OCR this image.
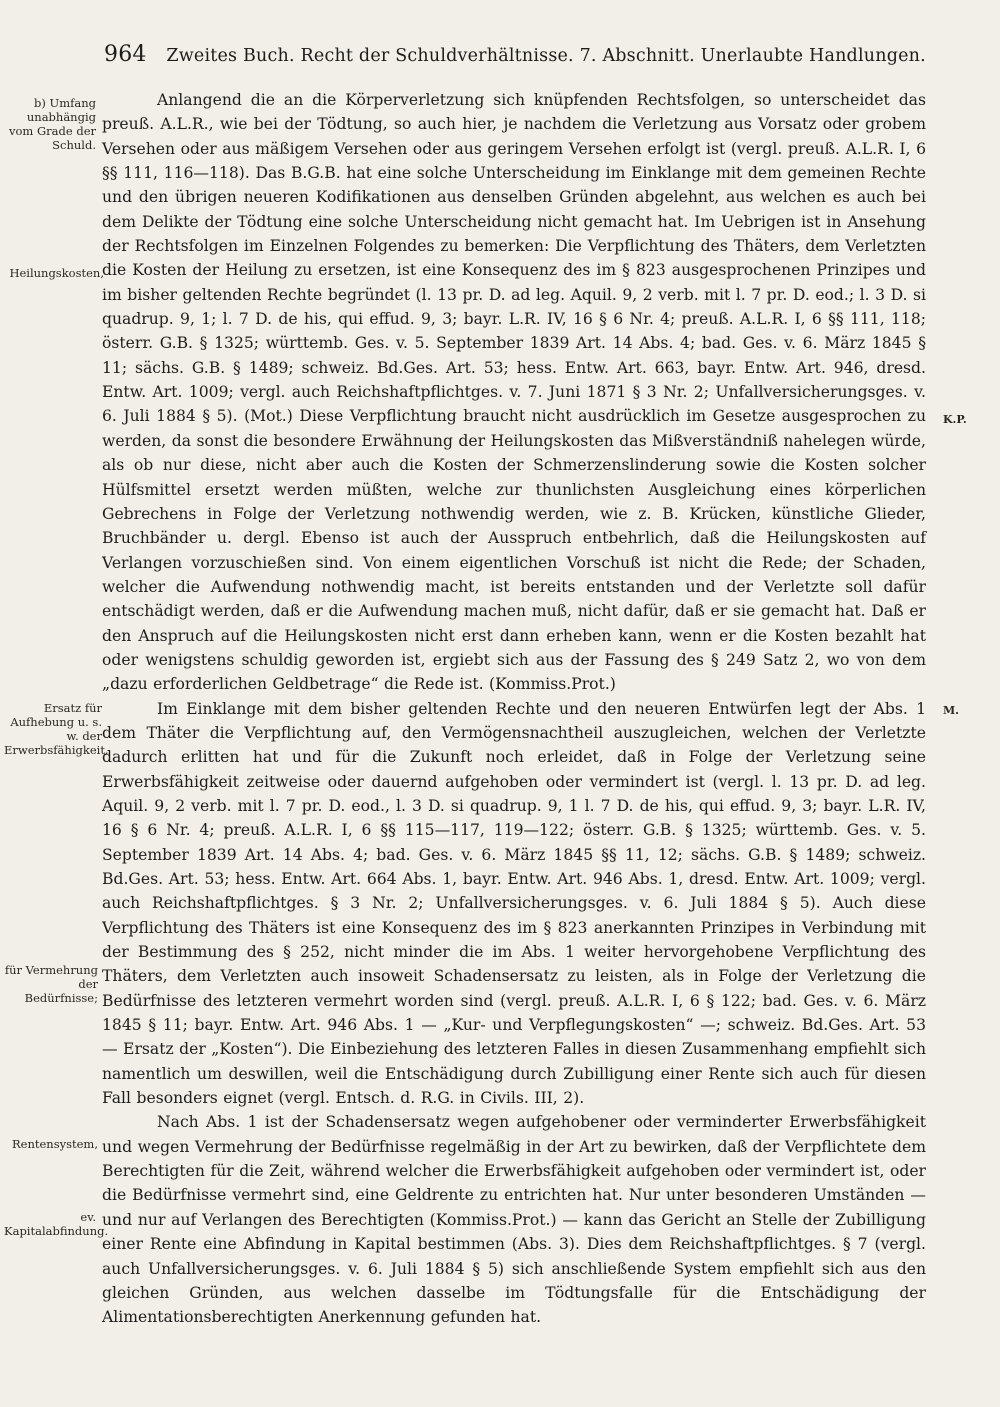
964 Zweites Buch. Recht der Schuldverhältnisse. 7. Abschnitt. Unerlaubte Handlungen.
b) Umfang unabhängig vom Grade der Schuld.
Heilungskosten,
Ersatz für Aufhebung u. s. w. der Erwerbsfähigkeit,
für Vermehrung der Bedürfnisse;
Rentensystem,
ev. Kapitalabfindung.
K.P.
M.

Anlangend die an die Körperverletzung sich knüpfenden Rechtsfolgen, so unterscheidet das preuß. A.L.R., wie bei der Tödtung, so auch hier, je nachdem die Verletzung aus Vorsatz oder grobem Versehen oder aus mäßigem Versehen oder aus geringem Versehen erfolgt ist (vergl. preuß. A.L.R. I, 6 §§ 111, 116—118). Das B.G.B. hat eine solche Unterscheidung im Einklange mit dem gemeinen Rechte und den übrigen neueren Kodifikationen aus denselben Gründen abgelehnt, aus welchen es auch bei dem Delikte der Tödtung eine solche Unterscheidung nicht gemacht hat. Im Uebrigen ist in Ansehung der Rechtsfolgen im Einzelnen Folgendes zu bemerken: Die Verpflichtung des Thäters, dem Verletzten die Kosten der Heilung zu ersetzen, ist eine Konsequenz des im § 823 ausgesprochenen Prinzipes und im bisher geltenden Rechte begründet (l. 13 pr. D. ad leg. Aquil. 9, 2 verb. mit l. 7 pr. D. eod.; l. 3 D. si quadrup. 9, 1; l. 7 D. de his, qui effud. 9, 3; bayr. L.R. IV, 16 § 6 Nr. 4; preuß. A.L.R. I, 6 §§ 111, 118; österr. G.B. § 1325; württemb. Ges. v. 5. September 1839 Art. 14 Abs. 4; bad. Ges. v. 6. März 1845 § 11; sächs. G.B. § 1489; schweiz. Bd.Ges. Art. 53; hess. Entw. Art. 663, bayr. Entw. Art. 946, dresd. Entw. Art. 1009; vergl. auch Reichshaftpflichtges. v. 7. Juni 1871 § 3 Nr. 2; Unfallversicherungsges. v. 6. Juli 1884 § 5). (Mot.) Diese Verpflichtung braucht nicht ausdrücklich im Gesetze ausgesprochen zu werden, da sonst die besondere Erwähnung der Heilungskosten das Mißverständniß nahelegen würde, als ob nur diese, nicht aber auch die Kosten der Schmerzenslinderung sowie die Kosten solcher Hülfsmittel ersetzt werden müßten, welche zur thunlichsten Ausgleichung eines körperlichen Gebrechens in Folge der Verletzung nothwendig werden, wie z. B. Krücken, künstliche Glieder, Bruchbänder u. dergl. Ebenso ist auch der Ausspruch entbehrlich, daß die Heilungskosten auf Verlangen vorzuschießen sind. Von einem eigentlichen Vorschuß ist nicht die Rede; der Schaden, welcher die Aufwendung nothwendig macht, ist bereits entstanden und der Verletzte soll dafür entschädigt werden, daß er die Aufwendung machen muß, nicht dafür, daß er sie gemacht hat. Daß er den Anspruch auf die Heilungskosten nicht erst dann erheben kann, wenn er die Kosten bezahlt hat oder wenigstens schuldig geworden ist, ergiebt sich aus der Fassung des § 249 Satz 2, wo von dem „dazu erforderlichen Geldbetrage“ die Rede ist. (Kommiss.Prot.)

Im Einklange mit dem bisher geltenden Rechte und den neueren Entwürfen legt der Abs. 1 dem Thäter die Verpflichtung auf, den Vermögensnachtheil auszugleichen, welchen der Verletzte dadurch erlitten hat und für die Zukunft noch erleidet, daß in Folge der Verletzung seine Erwerbsfähigkeit zeitweise oder dauernd aufgehoben oder vermindert ist (vergl. l. 13 pr. D. ad leg. Aquil. 9, 2 verb. mit l. 7 pr. D. eod., l. 3 D. si quadrup. 9, 1 l. 7 D. de his, qui effud. 9, 3; bayr. L.R. IV, 16 § 6 Nr. 4; preuß. A.L.R. I, 6 §§ 115—117, 119—122; österr. G.B. § 1325; württemb. Ges. v. 5. September 1839 Art. 14 Abs. 4; bad. Ges. v. 6. März 1845 §§ 11, 12; sächs. G.B. § 1489; schweiz. Bd.Ges. Art. 53; hess. Entw. Art. 664 Abs. 1, bayr. Entw. Art. 946 Abs. 1, dresd. Entw. Art. 1009; vergl. auch Reichshaftpflichtges. § 3 Nr. 2; Unfallversicherungsges. v. 6. Juli 1884 § 5). Auch diese Verpflichtung des Thäters ist eine Konsequenz des im § 823 anerkannten Prinzipes in Verbindung mit der Bestimmung des § 252, nicht minder die im Abs. 1 weiter hervorgehobene Verpflichtung des Thäters, dem Verletzten auch insoweit Schadensersatz zu leisten, als in Folge der Verletzung die Bedürfnisse des letzteren vermehrt worden sind (vergl. preuß. A.L.R. I, 6 § 122; bad. Ges. v. 6. März 1845 § 11; bayr. Entw. Art. 946 Abs. 1 — „Kur- und Verpflegungskosten“ —; schweiz. Bd.Ges. Art. 53 — Ersatz der „Kosten“). Die Einbeziehung des letzteren Falles in diesen Zusammenhang empfiehlt sich namentlich um deswillen, weil die Entschädigung durch Zubilligung einer Rente sich auch für diesen Fall besonders eignet (vergl. Entsch. d. R.G. in Civils. III, 2).

Nach Abs. 1 ist der Schadensersatz wegen aufgehobener oder verminderter Erwerbsfähigkeit und wegen Vermehrung der Bedürfnisse regelmäßig in der Art zu bewirken, daß der Verpflichtete dem Berechtigten für die Zeit, während welcher die Erwerbsfähigkeit aufgehoben oder vermindert ist, oder die Bedürfnisse vermehrt sind, eine Geldrente zu entrichten hat. Nur unter besonderen Umständen — und nur auf Verlangen des Berechtigten (Kommiss.Prot.) — kann das Gericht an Stelle der Zubilligung einer Rente eine Abfindung in Kapital bestimmen (Abs. 3). Dies dem Reichshaftpflichtges. § 7 (vergl. auch Unfallversicherungsges. v. 6. Juli 1884 § 5) sich anschließende System empfiehlt sich aus den gleichen Gründen, aus welchen dasselbe im Tödtungsfalle für die Entschädigung der Alimentationsberechtigten Anerkennung gefunden hat.
